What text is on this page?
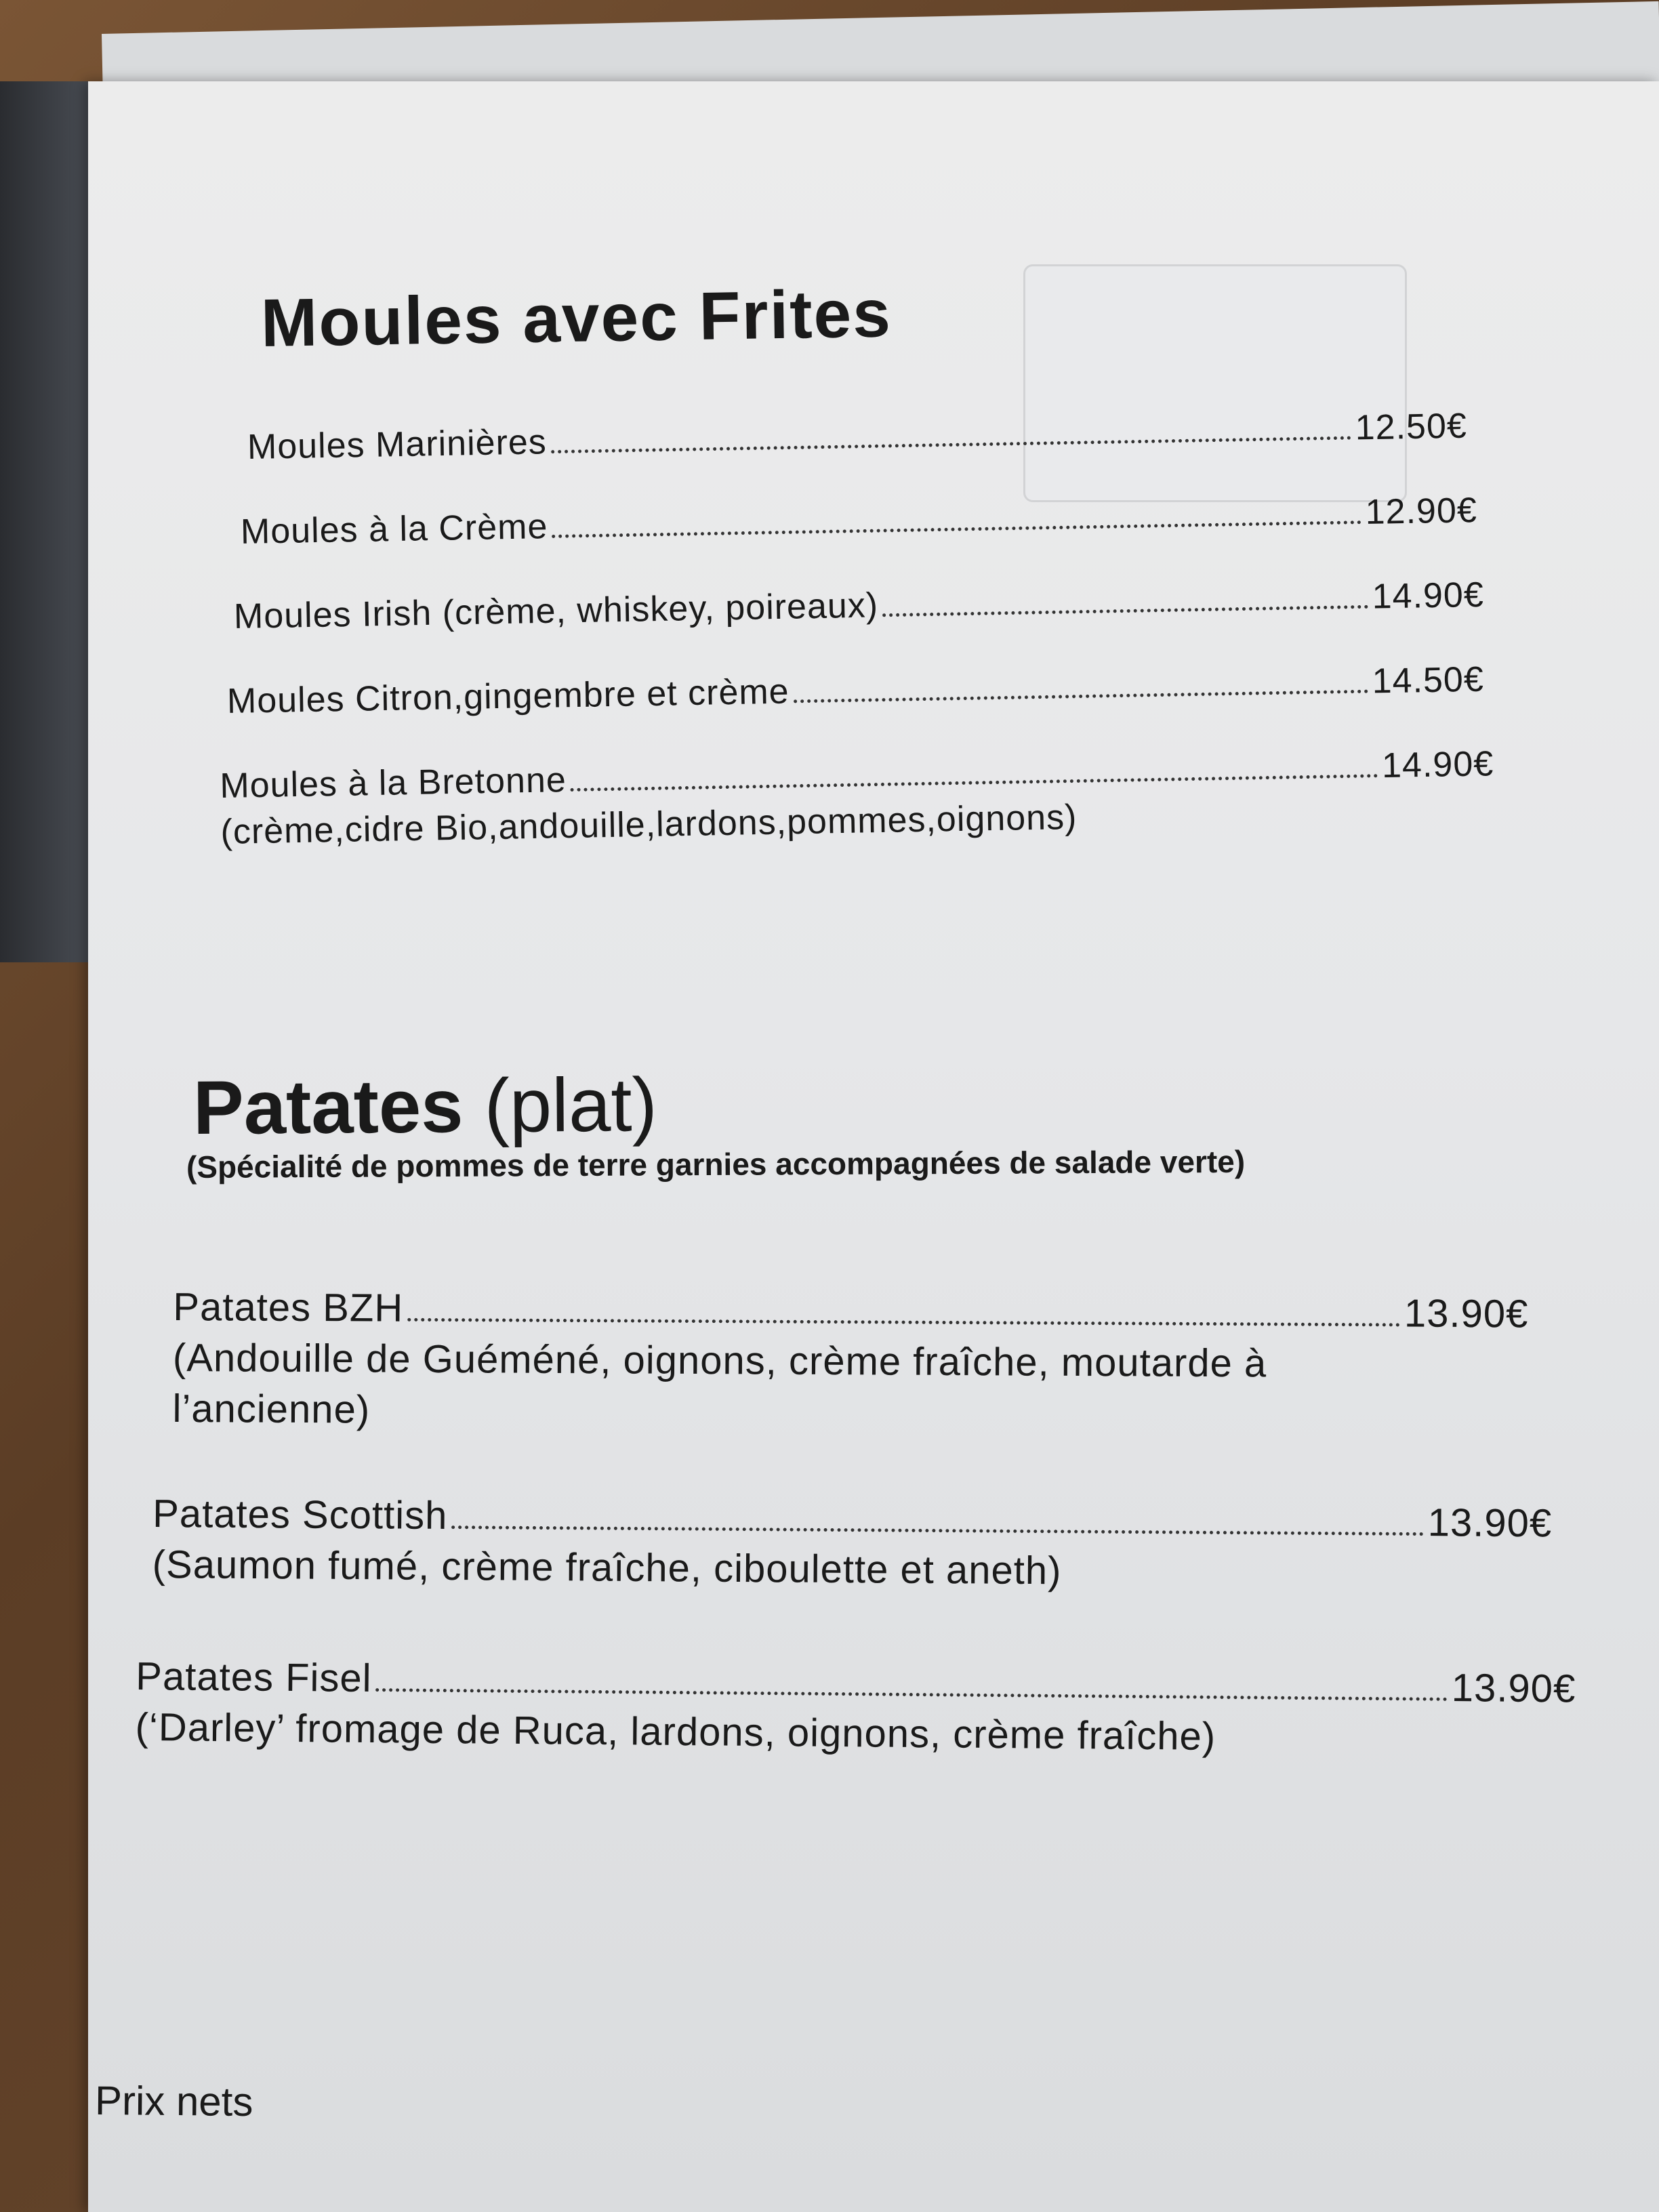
Moules avec Frites
Moules Marinières	12.50€
Moules à la Crème	12.90€
Moules Irish (crème, whiskey, poireaux)	14.90€
Moules Citron,gingembre et crème	14.50€
Moules à la Bretonne	14.90€
(crème,cidre Bio,andouille,lardons,pommes,oignons)
Patates (plat)
(Spécialité de pommes de terre garnies accompagnées de salade verte)
Patates BZH	13.90€
(Andouille de Guéméné, oignons, crème fraîche, moutarde à
l’ancienne)
Patates Scottish	13.90€
(Saumon fumé, crème fraîche, ciboulette et aneth)
Patates Fisel	13.90€
(‘Darley’ fromage de Ruca, lardons, oignons, crème fraîche)
Prix nets
